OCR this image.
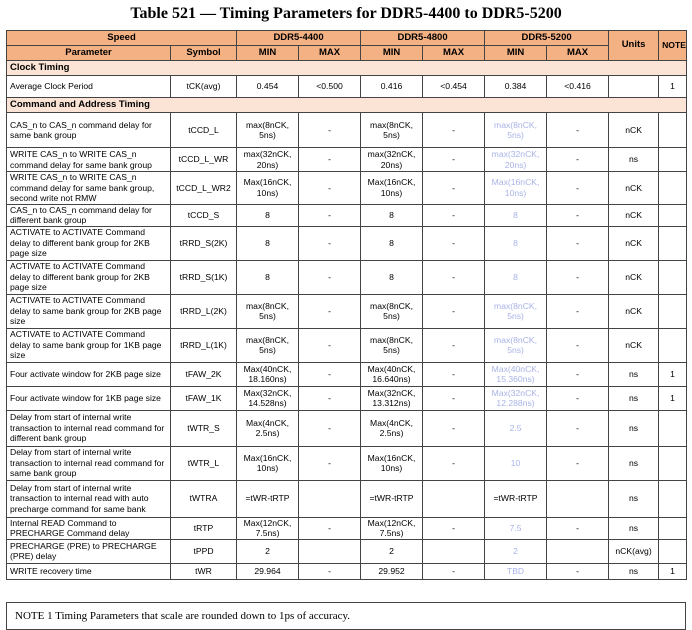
Table 521 — Timing Parameters for DDR5-4400 to DDR5-5200
Speed		DDR5-4400		DDR5-4800		DDR5-5200		Units	NOTE
Parameter	Symbol	MIN	MAX	MIN	MAX	MIN	MAX		
Clock Timing									
Average Clock Period	tCK(avg)	0.454	<0.500	0.416	<0.454	0.384	<0.416		1
Command and Address Timing									
CAS_n to CAS_n command delay for same bank group	tCCD_L	max(8nCK, 5ns)	-	max(8nCK, 5ns)	-	max(8nCK, 5ns)	-	nCK	
WRITE CAS_n to WRITE CAS_n command delay for same bank group	tCCD_L_WR	max(32nCK, 20ns)	-	max(32nCK, 20ns)	-	max(32nCK, 20ns)	-	ns	
WRITE CAS_n to WRITE CAS_n command delay for same bank group, second write not RMW	tCCD_L_WR2	Max(16nCK, 10ns)	-	Max(16nCK, 10ns)	-	Max(16nCK, 10ns)	-	nCK	
CAS_n to CAS_n command delay for different bank group	tCCD_S	8	-	8	-	8	-	nCK	
ACTIVATE to ACTIVATE Command delay to different bank group for 2KB page size	tRRD_S(2K)	8	-	8	-	8	-	nCK	
ACTIVATE to ACTIVATE Command delay to different bank group for 2KB page size	tRRD_S(1K)	8	-	8	-	8	-	nCK	
ACTIVATE to ACTIVATE Command delay to same bank group for 2KB page size	tRRD_L(2K)	max(8nCK, 5ns)	-	max(8nCK, 5ns)	-	max(8nCK, 5ns)	-	nCK	
ACTIVATE to ACTIVATE Command delay to same bank group for 1KB page size	tRRD_L(1K)	max(8nCK, 5ns)	-	max(8nCK, 5ns)	-	max(8nCK, 5ns)	-	nCK	
Four activate window for 2KB page size	tFAW_2K	Max(40nCK, 18.160ns)	-	Max(40nCK, 16.640ns)	-	Max(40nCK, 15.360ns)	-	ns	1
Four activate window for 1KB page size	tFAW_1K	Max(32nCK, 14.528ns)	-	Max(32nCK, 13.312ns)	-	Max(32nCK, 12.288ns)	-	ns	1
Delay from start of internal write transaction to internal read command for different bank group	tWTR_S	Max(4nCK, 2.5ns)	-	Max(4nCK, 2.5ns)	-	2.5	-	ns	
Delay from start of internal write transaction to internal read command for same bank group	tWTR_L	Max(16nCK, 10ns)	-	Max(16nCK, 10ns)	-	10	-	ns	
Delay from start of internal write transaction to internal read with auto precharge command for same bank	tWTRA	=tWR-tRTP		=tWR-tRTP		=tWR-tRTP		ns	
Internal READ Command to PRECHARGE Command delay	tRTP	Max(12nCK, 7.5ns)	-	Max(12nCK, 7.5ns)	-	7.5	-	ns	
PRECHARGE (PRE) to PRECHARGE (PRE) delay	tPPD	2		2		2		nCK(avg)	
WRITE recovery time	tWR	29.964	-	29.952	-	TBD	-	ns	1
NOTE 1 Timing Parameters that scale are rounded down to 1ps of accuracy.
